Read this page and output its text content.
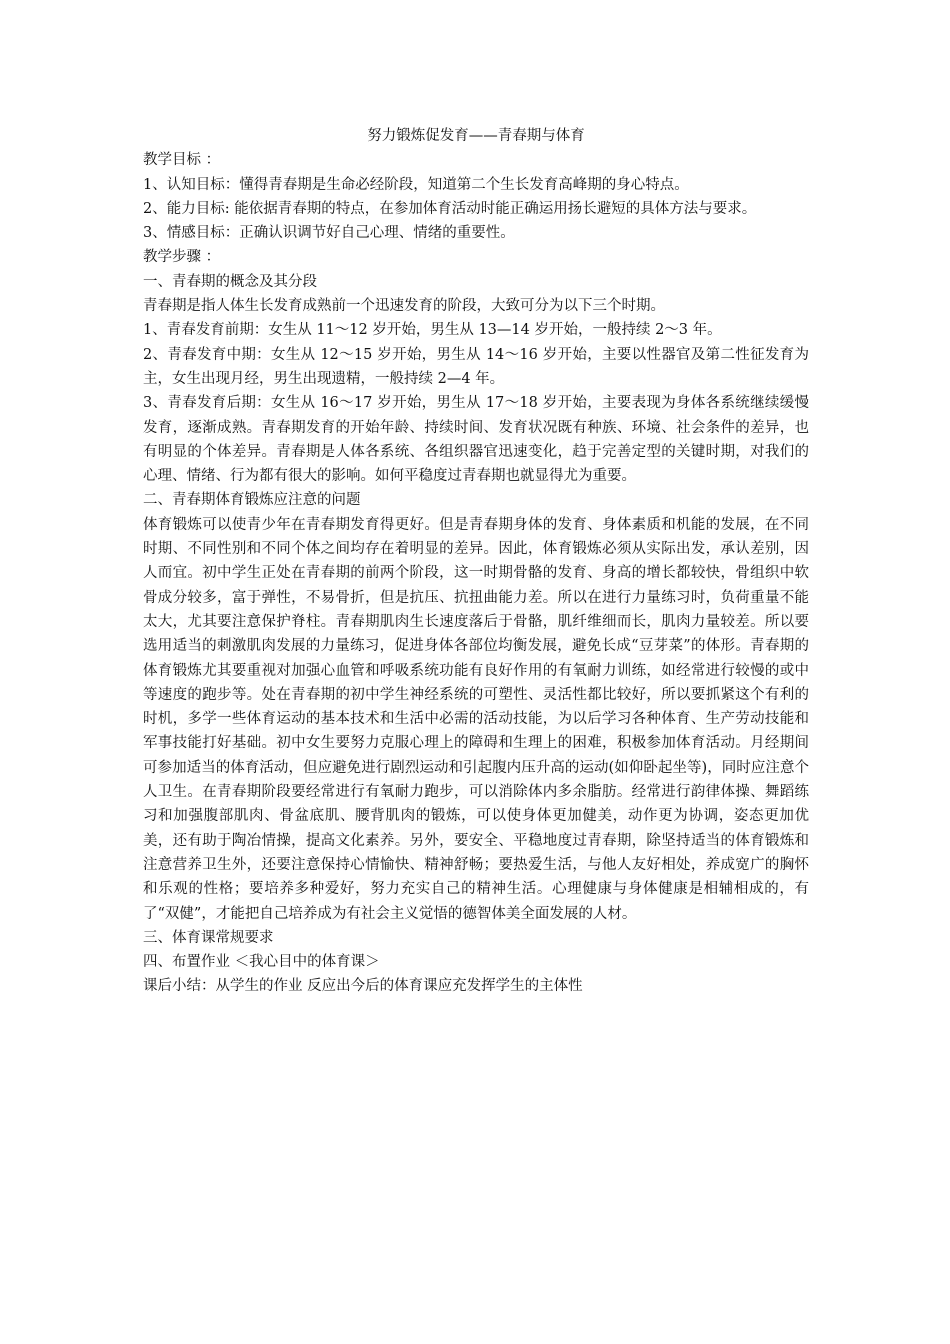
努力锻炼促发育——青春期与体育

教学目标 ：

1、认知目标：懂得青春期是生命必经阶段，知道第二个生长发育高峰期的身心特点。

2、能力目标: 能依据青春期的特点，在参加体育活动时能正确运用扬长避短的具体方法与要求。

3、情感目标：正确认识调节好自己心理、情绪的重要性。

教学步骤 ：

一、青春期的概念及其分段

青春期是指人体生长发育成熟前一个迅速发育的阶段，大致可分为以下三个时期。

1、青春发育前期：女生从 11～12 岁开始，男生从 13—14 岁开始，一般持续 2～3 年。

2、青春发育中期：女生从 12～15 岁开始，男生从 14～16 岁开始，主要以性器官及第二性征发育为主，女生出现月经，男生出现遗精，一般持续 2—4 年。

3、青春发育后期：女生从 16～17 岁开始，男生从 17～18 岁开始，主要表现为身体各系统继续缓慢发育，逐渐成熟。青春期发育的开始年龄、持续时间、发育状况既有种族、环境、社会条件的差异，也有明显的个体差异。青春期是人体各系统、各组织器官迅速变化，趋于完善定型的关键时期，对我们的心理、情绪、行为都有很大的影响。如何平稳度过青春期也就显得尤为重要。

二、青春期体育锻炼应注意的问题

体育锻炼可以使青少年在青春期发育得更好。但是青春期身体的发育、身体素质和机能的发展，在不同时期、不同性别和不同个体之间均存在着明显的差异。因此，体育锻炼必须从实际出发，承认差别，因人而宜。初中学生正处在青春期的前两个阶段，这一时期骨骼的发育、身高的增长都较快，骨组织中软骨成分较多，富于弹性，不易骨折，但是抗压、抗扭曲能力差。所以在进行力量练习时，负荷重量不能太大，尤其要注意保护脊柱。青春期肌肉生长速度落后于骨骼，肌纤维细而长，肌肉力量较差。所以要选用适当的刺激肌肉发展的力量练习，促进身体各部位均衡发展，避免长成“豆芽菜”的体形。青春期的体育锻炼尤其要重视对加强心血管和呼吸系统功能有良好作用的有氧耐力训练，如经常进行较慢的或中等速度的跑步等。处在青春期的初中学生神经系统的可塑性、灵活性都比较好，所以要抓紧这个有利的时机，多学一些体育运动的基本技术和生活中必需的活动技能，为以后学习各种体育、生产劳动技能和军事技能打好基础。初中女生要努力克服心理上的障碍和生理上的困难，积极参加体育活动。月经期间可参加适当的体育活动，但应避免进行剧烈运动和引起腹内压升高的运动(如仰卧起坐等)，同时应注意个人卫生。在青春期阶段要经常进行有氧耐力跑步，可以消除体内多余脂肪。经常进行韵律体操、舞蹈练习和加强腹部肌肉、骨盆底肌、腰背肌肉的锻炼，可以使身体更加健美，动作更为协调，姿态更加优美，还有助于陶冶情操，提高文化素养。另外，要安全、平稳地度过青春期，除坚持适当的体育锻炼和注意营养卫生外，还要注意保持心情愉快、精神舒畅；要热爱生活，与他人友好相处，养成宽广的胸怀和乐观的性格；要培养多种爱好，努力充实自己的精神生活。心理健康与身体健康是相辅相成的，有了“双健”，才能把自己培养成为有社会主义觉悟的德智体美全面发展的人材。

三、体育课常规要求

四、布置作业 ＜我心目中的体育课＞

课后小结：从学生的作业 反应出今后的体育课应充发挥学生的主体性
